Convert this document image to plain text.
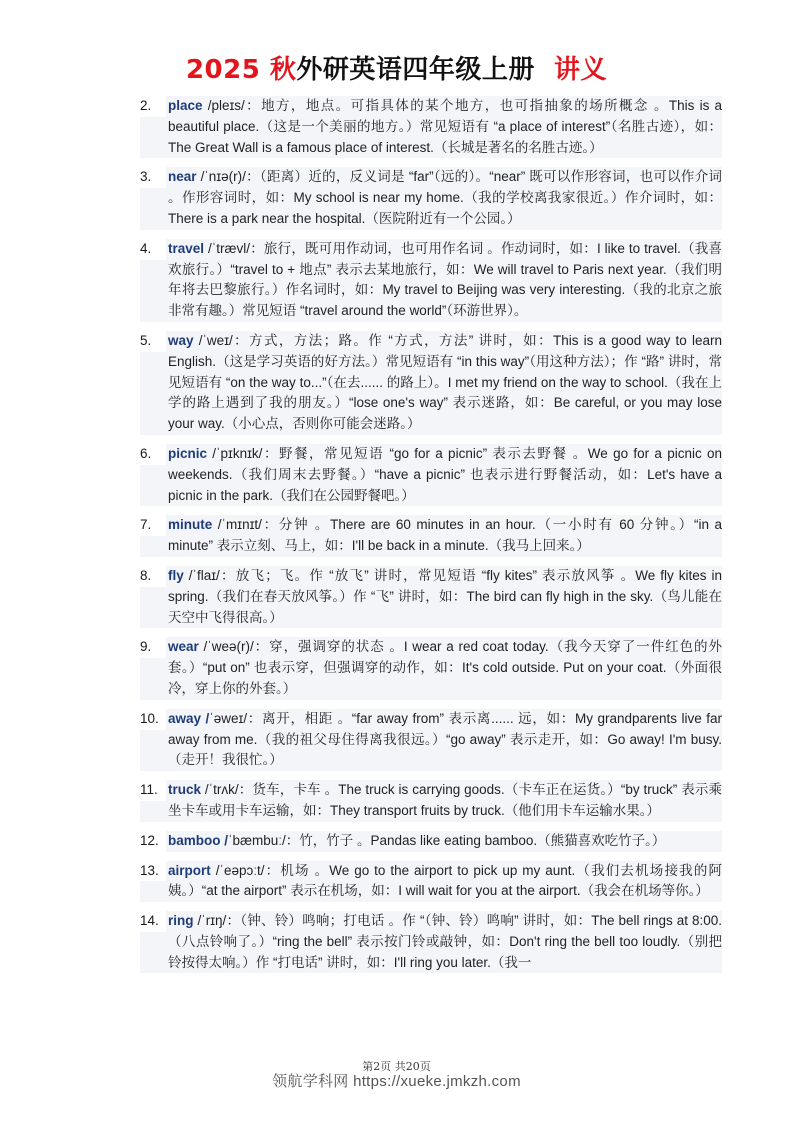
2025 秋外研英语四年级上册 讲义
2.	place /pleɪs/：地方，地点。可指具体的某个地方，也可指抽象的场所概念 。This is a beautiful place.（这是一个美丽的地方。）常见短语有 “a place of interest”（名胜古迹），如：The Great Wall is a famous place of interest.（长城是著名的名胜古迹。）
3.	near /ˈnɪə(r)/：（距离）近的，反义词是 “far”（远的）。“near” 既可以作形容词，也可以作介词 。作形容词时，如：My school is near my home.（我的学校离我家很近。）作介词时，如：There is a park near the hospital.（医院附近有一个公园。）
4.	travel /ˈtrævl/：旅行，既可用作动词，也可用作名词 。作动词时，如：I like to travel.（我喜欢旅行。）“travel to + 地点” 表示去某地旅行，如：We will travel to Paris next year.（我们明年将去巴黎旅行。）作名词时，如：My travel to Beijing was very interesting.（我的北京之旅非常有趣。）常见短语 “travel around the world”（环游世界）。
5.	way /ˈweɪ/：方式，方法；路。作 “方式，方法” 讲时，如：This is a good way to learn English.（这是学习英语的好方法。）常见短语有 “in this way”（用这种方法）；作 “路” 讲时，常见短语有 “on the way to...”（在去...... 的路上）。I met my friend on the way to school.（我在上学的路上遇到了我的朋友。）“lose one's way” 表示迷路，如：Be careful, or you may lose your way.（小心点，否则你可能会迷路。）
6.	picnic /ˈpɪknɪk/：野餐，常见短语 “go for a picnic” 表示去野餐 。We go for a picnic on weekends.（我们周末去野餐。）“have a picnic” 也表示进行野餐活动，如：Let's have a picnic in the park.（我们在公园野餐吧。）
7.	minute /ˈmɪnɪt/：分钟 。There are 60 minutes in an hour.（一小时有 60 分钟。）“in a minute” 表示立刻、马上，如：I'll be back in a minute.（我马上回来。）
8.	fly /ˈflaɪ/：放飞；飞。作 “放飞” 讲时，常见短语 “fly kites” 表示放风筝 。We fly kites in spring.（我们在春天放风筝。）作 “飞” 讲时，如：The bird can fly high in the sky.（鸟儿能在天空中飞得很高。）
9.	wear /ˈweə(r)/：穿，强调穿的状态 。I wear a red coat today.（我今天穿了一件红色的外套。）“put on” 也表示穿，但强调穿的动作，如：It's cold outside. Put on your coat.（外面很冷，穿上你的外套。）
10. away /ˈəweɪ/：离开，相距 。“far away from” 表示离...... 远，如：My grandparents live far away from me.（我的祖父母住得离我很远。）“go away” 表示走开，如：Go away! I'm busy.（走开！我很忙。）
11. truck /ˈtrʌk/：货车，卡车 。The truck is carrying goods.（卡车正在运货。）“by truck” 表示乘坐卡车或用卡车运输，如：They transport fruits by truck.（他们用卡车运输水果。）
12. bamboo /ˈbæmbuː/：竹，竹子 。Pandas like eating bamboo.（熊猫喜欢吃竹子。）
13. airport /ˈeəpɔːt/：机场 。We go to the airport to pick up my aunt.（我们去机场接我的阿姨。）“at the airport” 表示在机场，如：I will wait for you at the airport.（我会在机场等你。）
14. ring /ˈrɪŋ/：（钟、铃）鸣响；打电话 。作 “（钟、铃）鸣响” 讲时，如：The bell rings at 8:00.（八点铃响了。）“ring the bell” 表示按门铃或敲钟，如：Don't ring the bell too loudly.（别把铃按得太响。）作 “打电话” 讲时，如：I'll ring you later.（我一
第2页 共20页
领航学科网 https://xueke.jmkzh.com
